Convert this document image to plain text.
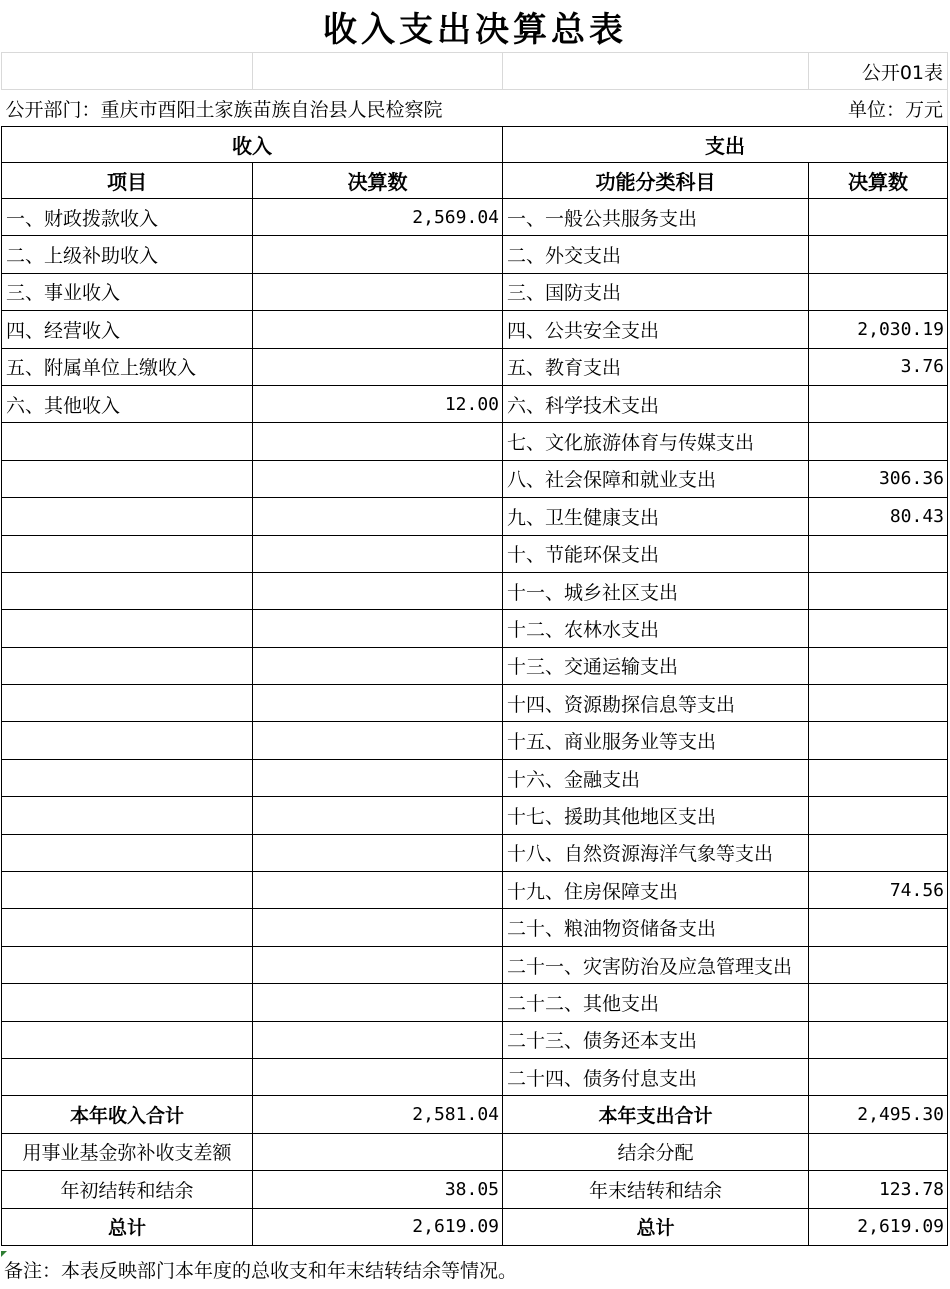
收入支出决算总表
			公开01表
公开部门：重庆市酉阳土家族苗族自治县人民检察院			单位：万元
收入		支出	
项目	决算数	功能分类科目	决算数
一、财政拨款收入	2,569.04	一、一般公共服务支出	
二、上级补助收入		二、外交支出	
三、事业收入		三、国防支出	
四、经营收入		四、公共安全支出	2,030.19
五、附属单位上缴收入		五、教育支出	3.76
六、其他收入	12.00	六、科学技术支出	
		七、文化旅游体育与传媒支出	
		八、社会保障和就业支出	306.36
		九、卫生健康支出	80.43
		十、节能环保支出	
		十一、城乡社区支出	
		十二、农林水支出	
		十三、交通运输支出	
		十四、资源勘探信息等支出	
		十五、商业服务业等支出	
		十六、金融支出	
		十七、援助其他地区支出	
		十八、自然资源海洋气象等支出	
		十九、住房保障支出	74.56
		二十、粮油物资储备支出	
		二十一、灾害防治及应急管理支出	
		二十二、其他支出	
		二十三、债务还本支出	
		二十四、债务付息支出	
本年收入合计	2,581.04	本年支出合计	2,495.30
用事业基金弥补收支差额		结余分配	
年初结转和结余	38.05	年末结转和结余	123.78
总计	2,619.09	总计	2,619.09
备注：本表反映部门本年度的总收支和年末结转结余等情况。
